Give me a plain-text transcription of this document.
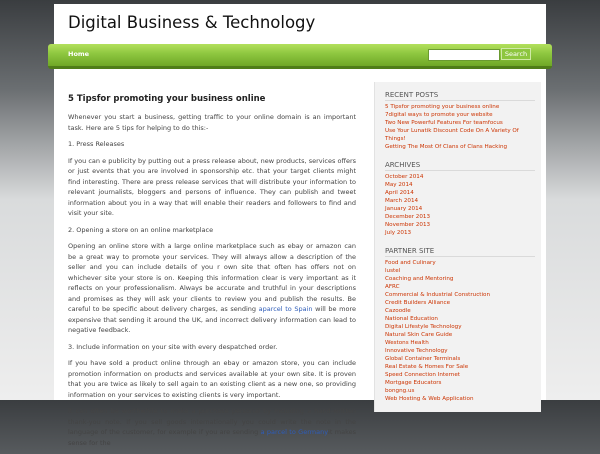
Digital Business & Technology
Home	Search
5 Tipsfor promoting your business online

Whenever you start a business, getting traffic to your online domain is an important task. Here are 5 tips for helping to do this:-

1. Press Releases

If you can e publicity by putting out a press release about, new products, services offers or just events that you are involved in sponsorship etc. that your target clients might find interesting. There are press release services that will distribute your information to relevant journalists, bloggers and persons of influence. They can publish and tweet information about you in a way that will enable their readers and followers to find and visit your site.

2. Opening a store on an online marketplace

Opening an online store with a large online marketplace such as ebay or amazon can be a great way to promote your services. They will always allow a description of the seller and you can include details of you r own site that often has offers not on whichever site your store is on. Keeping this information clear is very important as it reflects on your professionalism. Always be accurate and truthful in your descriptions and promises as they will ask your clients to review you and publish the results. Be careful to be specific about delivery charges, as sending aparcel to Spain will be more expensive that sending it around the UK, and incorrect delivery information can lead to negative feedback.

3. Include information on your site with every despatched order.

If you have sold a product online through an ebay or amazon store, you can include promotion information on products and services available at your own site. It is proven that you are twice as likely to sell again to an existing client as a new one, so providing information on your services to existing clients is very important.

It can often be worthwhile to make a purchase personal by including a hand-written thank-you note. If you sell goods internationally you could write the note in the language of the customer, for example if you are sending a parcel to Germanyit makes sense for the

RECENT POSTS
5 Tipsfor promoting your business online
7digital ways to promote your website
Two New Powerful Features For teamfocus
Use Your Lunatik Discount Code On A Variety Of Things!
Getting The Most Of Clans of Clans Hacking
ARCHIVES
October 2014
May 2014
April 2014
March 2014
January 2014
December 2013
November 2013
July 2013
PARTNER SITE
Food and Culinary
lustel
Coaching and Mentoring
AFRC
Commercial & Industrial Construction
Credit Builders Alliance
Cazoodle
National Education
Digital Lifestyle Technology
Natural Skin Care Guide
Westons Health
Innovative Technology
Global Container Terminals
Real Estate & Homes For Sale
Speed Connection Internet
Mortgage Educators
bongng.us
Web Hosting & Web Application
